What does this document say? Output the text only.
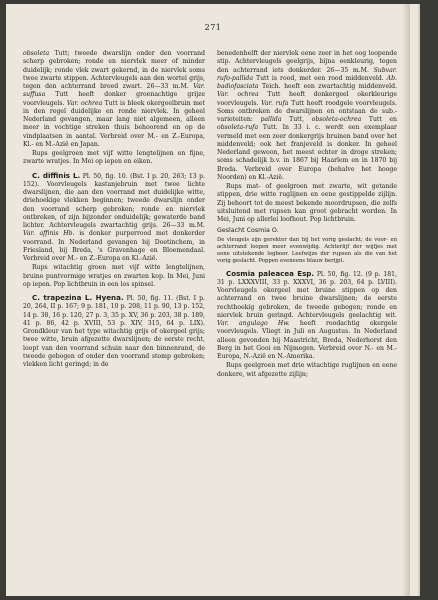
271

obsoleta Tutt; tweede dwarslijn onder den voorrand scherp gebroken; ronde en niervlek meer of minder duidelijk; ronde vlek zwart gekernd, in de niervlek soms twee zwarte stippen. Achtervleugels aan den wortel grijs, tegen den achterrand breed zwart. 26—33 m.M. Var. suffusa Tutt heeft donker groenachtige grijze voorvleugels. Var. ochrea Tutt is bleek okergeelbruin met in den regel duidelijke en ronde niervlek. In geheel Nederland gevangen, maar lang niet algemeen, alleen meer in vochtige streken thuis behoorend en op de vindplaatsen in aantal. Verbreid over M.- en Z.-Europa, Kl.- en M.-Azië en Japan.

Rups geelgroen met vijf witte lengtelijnen en fijne, zwarte wratjes. In Mei op iepen en eiken.

C. diffinis L. Pl. 50, fig. 10. (Bst. I p. 20, 263; 13 p. 152). Voorvleugels kastanjebruin met twee lichte dwarslijnen, die aan den voorrand met duidelijke witte, driehoekige vlekken beginnen; tweede dwarslijn onder den voorrand scherp gebroken; ronde en niervlek ontbreken, of zijn bijzonder onduidelijk; gewaterde band lichter. Achtervleugels zwartachtig grijs. 26—33 m.M. Var. affinis Hb. is donker purperrood met donkerder voorrand. In Nederland gevangen bij Doetinchem, in Friesland, bij Breda, 's Gravenhage en Bloemendaal. Verbreid over M.- en Z.-Europa en Kl.-Azië.

Rups witachtig groen met vijf witte lengtelijnen, bruine puntvormige wratjes en zwarten kop. In Mei, Juni op iepen. Pop lichtbruin in een los spinsel.

C. trapezina L. Hyena. Pl. 50, fig. 11. (Bst. I p. 20, 264, II p. 167; 9 p. 181, 10 p. 208, 11 p. 90, 13 p. 152, 14 p. 38, 16 p. 120, 27 p. 3, 35 p. XV, 36 p. 203, 38 p. 189, 41 p. 86, 42 p. XVIII, 53 p. XIV, 315, 64 p. LIX). Grondkleur van het type witachtig grijs of okergeel grijs; twee witte, bruin afgezette dwarslijnen; de eerste recht, loopt van den voorrand schuin naar den binnenrand, de tweede gebogen of onder den voorrand stomp gebroken; vlekken licht geringd; in de

benedenhelft der niervlek eene zeer in het oog loopende stip. Achtervleugels geelgrijs, bijna eenkleurig, tegen den achterrand iets donkerder. 26—35 m.M. Subvar. rufo-pallida Tutt is rood, met een rood middenveld. Ab. badiofasciata Teich. heeft een zwartachtig middenveld. Var. ochrea Tutt heeft donkergeel okerkleurige voorvleugels. Var. rufa Tutt heeft roodgele voorvleugels. Soms ontbreken de dwarslijnen en ontstaan de sub.-varieteiten: pallida Tutt, obsoleta-ochrea Tutt en obsoleta-rufa Tutt. In 33 i. c. werdt een exemplaar vermeld met een zeer donkergrijs bruinen band over het middenveld; ook het franjeveld is donker. In geheel Nederland gewoon, het meest echter in droge streken; soms schadelijk b.v. in 1867 bij Haarlem en in 1870 bij Breda. Verbreid over Europa (behalve het hooge Noorden) en Kl.-Azië.

Rups mat- of geelgroen met zwarte, wit getande stippen, drie witte ruglijnen en eene gestippelde zijlijn. Zij behoort tot de meest bekende moordrupsen, die zelfs uitsluitend met rupsen kan groot gebracht worden. In Mei, Juni op allerlei loofhout. Pop lichtbruin.

Geslacht Cosmia O.

De vleugels zijn gerekter dan bij het vorig geslacht; de voor- en achterrand loopen meer evenwijdig. Achterlijf der wijfjes met eene uitstekende legboor. Leefwijze der rupsen als die van het vorig geslacht. Poppen eveneens blauw berijpt.

Cosmia paleacea Esp. Pl. 50, fig. 12. (9 p. 181, 31 p. LXXXVIII, 33 p. XXXVI, 36 p. 203, 64 p. LVIII). Voorvleugels okergeel met bruine stippen op den achterrand en twee bruine dwarslijnen; de eerste rechthoekig gebroken, de tweede gebogen; ronde en niervlek bruin geringd. Achtervleugels geelachtig wit. Var. angulago Hw. heeft roodachtig okergele voorvleugels. Vliegt in Juli en Augustus. In Nederland alleen gevonden bij Maastricht, Breda, Nederhorst den Berg in het Gooi en Nijmegen. Verbreid over N.- en M.-Europa, N.-Azië en N.-Amerika.

Rups geelgroen met drie witachtige ruglijnen en eene donkere, wit afgezette zijlijn;
